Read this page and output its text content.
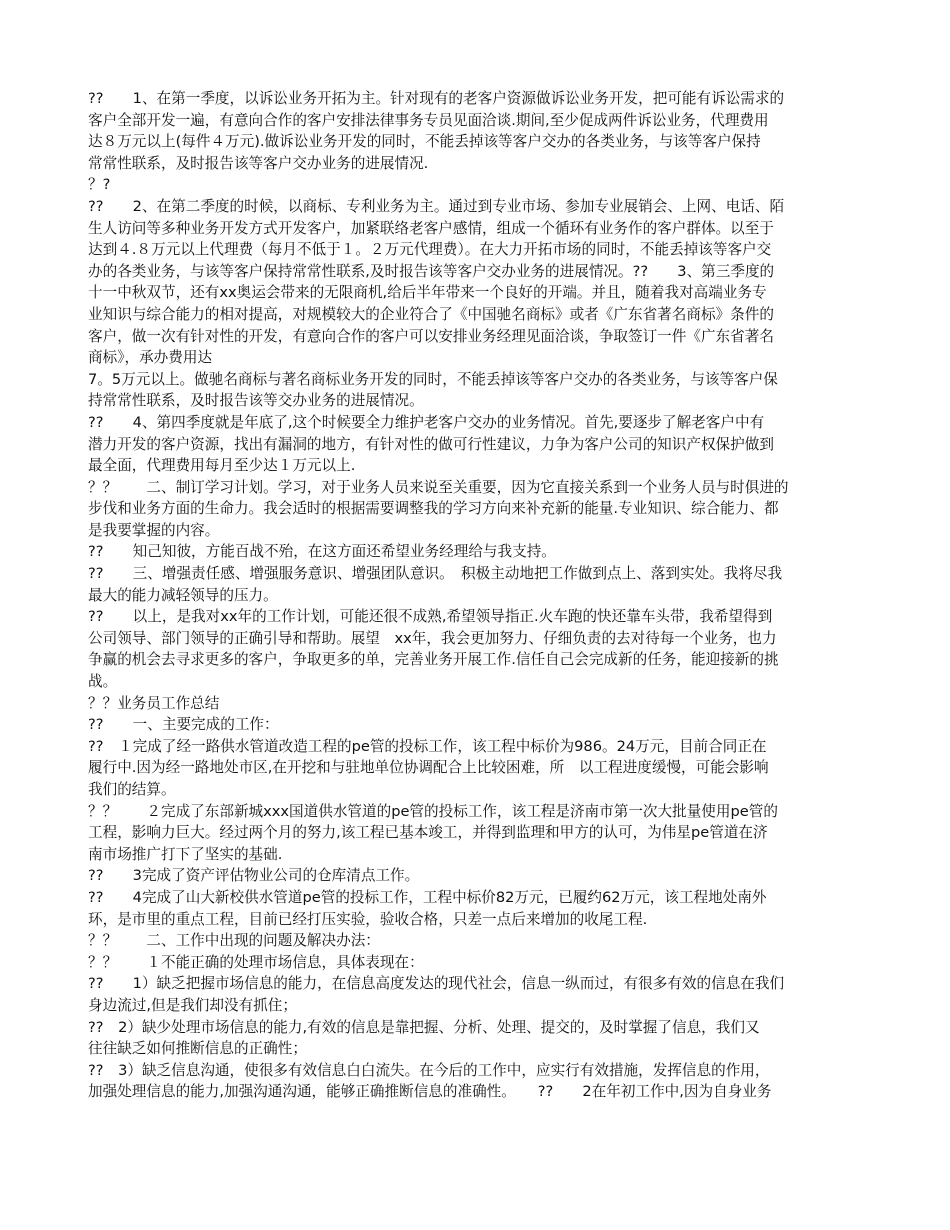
??　　1、在第一季度，以诉讼业务开拓为主。针对现有的老客户资源做诉讼业务开发，把可能有诉讼需求的
客户全部开发一遍，有意向合作的客户安排法律事务专员见面洽谈.期间,至少促成两件诉讼业务，代理费用
达８万元以上(每件４万元).做诉讼业务开发的同时，不能丢掉该等客户交办的各类业务，与该等客户保持
常常性联系，及时报告该等客户交办业务的进展情况.
？?
??　　2、在第二季度的时候，以商标、专利业务为主。通过到专业市场、参加专业展销会、上网、电话、陌
生人访问等多种业务开发方式开发客户，加紧联络老客户感情，组成一个循环有业务作的客户群体。以至于
达到４.８万元以上代理费（每月不低于１。２万元代理费）。在大力开拓市场的同时，不能丢掉该等客户交
办的各类业务，与该等客户保持常常性联系,及时报告该等客户交办业务的进展情况。??　　3、第三季度的
十一中秋双节，还有xx奥运会带来的无限商机,给后半年带来一个良好的开端。并且，随着我对高端业务专
业知识与综合能力的相对提高，对规模较大的企业符合了《中国驰名商标》或者《广东省著名商标》条件的
客户，做一次有针对性的开发，有意向合作的客户可以安排业务经理见面洽谈，争取签订一件《广东省著名
商标》，承办费用达
7。5万元以上。做驰名商标与著名商标业务开发的同时，不能丢掉该等客户交办的各类业务，与该等客户保
持常常性联系，及时报告该等交办业务的进展情况。
??　　4、第四季度就是年底了,这个时候要全力维护老客户交办的业务情况。首先,要逐步了解老客户中有
潜力开发的客户资源，找出有漏洞的地方，有针对性的做可行性建议，力争为客户公司的知识产权保护做到
最全面，代理费用每月至少达１万元以上.
？？　　二、制订学习计划。学习，对于业务人员来说至关重要，因为它直接关系到一个业务人员与时俱进的
步伐和业务方面的生命力。我会适时的根据需要调整我的学习方向来补充新的能量.专业知识、综合能力、都
是我要掌握的内容。
??　　知己知彼，方能百战不殆，在这方面还希望业务经理给与我支持。
??　　三、增强责任感、增强服务意识、增强团队意识。　积极主动地把工作做到点上、落到实处。我将尽我
最大的能力减轻领导的压力。
??　　以上，是我对xx年的工作计划，可能还很不成熟,希望领导指正.火车跑的快还靠车头带，我希望得到
公司领导、部门领导的正确引导和帮助。展望　xx年，我会更加努力、仔细负责的去对待每一个业务，也力
争赢的机会去寻求更多的客户，争取更多的单，完善业务开展工作.信任自己会完成新的任务，能迎接新的挑
战。
？？业务员工作总结
??　　一、主要完成的工作：
??　１完成了经一路供水管道改造工程的pe管的投标工作，该工程中标价为986。24万元，目前合同正在
履行中.因为经一路地处市区,在开挖和与驻地单位协调配合上比较困难，所　以工程进度缓慢，可能会影响
我们的结算。
？？　　２完成了东部新城xxx国道供水管道的pe管的投标工作，该工程是济南市第一次大批量使用pe管的
工程，影响力巨大。经过两个月的努力,该工程已基本竣工，并得到监理和甲方的认可，为伟星pe管道在济
南市场推广打下了坚实的基础.
??　　3完成了资产评估物业公司的仓库清点工作。
??　　4完成了山大新校供水管道pe管的投标工作，工程中标价82万元，已履约62万元，该工程地处南外
环，是市里的重点工程，目前已经打压实验，验收合格，只差一点后来增加的收尾工程.
？？　　二、工作中出现的问题及解决办法：
？？　　１不能正确的处理市场信息，具体表现在：
??　　1）缺乏把握市场信息的能力，在信息高度发达的现代社会，信息一纵而过，有很多有效的信息在我们
身边流过,但是我们却没有抓住；
??　2）缺少处理市场信息的能力,有效的信息是靠把握、分析、处理、提交的，及时掌握了信息，我们又
往往缺乏如何推断信息的正确性；
??　3）缺乏信息沟通，使很多有效信息白白流失。在今后的工作中，应实行有效措施，发挥信息的作用，
加强处理信息的能力,加强沟通沟通，能够正确推断信息的准确性。　　??　　2在年初工作中,因为自身业务
